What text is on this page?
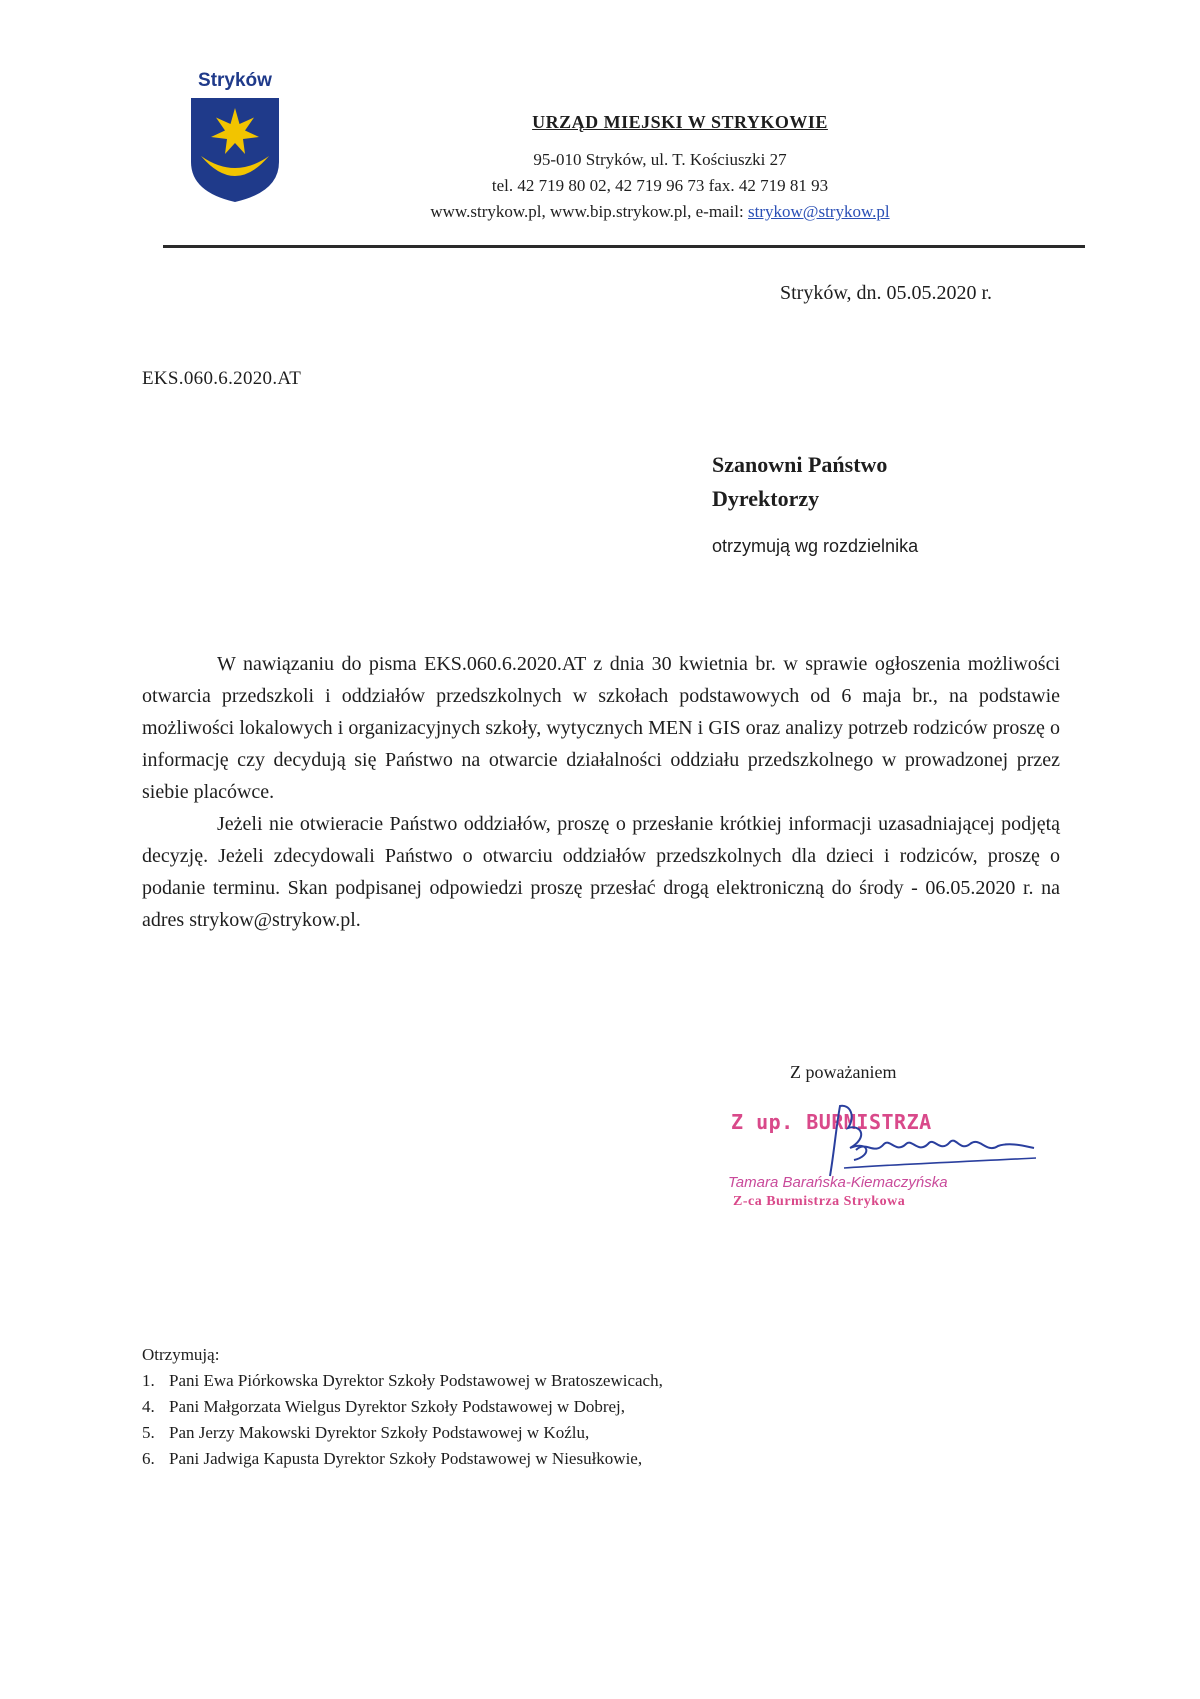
Stryków
URZĄD MIEJSKI W STRYKOWIE
95-010 Stryków, ul. T. Kościuszki 27
tel. 42 719 80 02, 42 719 96 73 fax. 42 719 81 93
www.strykow.pl, www.bip.strykow.pl, e-mail: strykow@strykow.pl
Stryków, dn. 05.05.2020 r.
EKS.060.6.2020.AT
Szanowni Państwo
Dyrektorzy
otrzymują wg rozdzielnika

W nawiązaniu do pisma EKS.060.6.2020.AT z dnia 30 kwietnia br. w sprawie ogłoszenia możliwości otwarcia przedszkoli i oddziałów przedszkolnych w szkołach podstawowych od 6 maja br., na podstawie możliwości lokalowych i organizacyjnych szkoły, wytycznych MEN i GIS oraz analizy potrzeb rodziców proszę o informację czy decydują się Państwo na otwarcie działalności oddziału przedszkolnego w prowadzonej przez siebie placówce.

Jeżeli nie otwieracie Państwo oddziałów, proszę o przesłanie krótkiej informacji uzasadniającej podjętą decyzję. Jeżeli zdecydowali Państwo o otwarciu oddziałów przedszkolnych dla dzieci i rodziców, proszę o podanie terminu. Skan podpisanej odpowiedzi proszę przesłać drogą elektroniczną do środy - 06.05.2020 r. na adres strykow@strykow.pl.

Z poważaniem
Z up. BURMISTRZA
Tamara Barańska-Kiemaczyńska
Z-ca Burmistrza Strykowa
Otrzymują:
1. Pani Ewa Piórkowska Dyrektor Szkoły Podstawowej w Bratoszewicach,
4. Pani Małgorzata Wielgus Dyrektor Szkoły Podstawowej w Dobrej,
5. Pan Jerzy Makowski Dyrektor Szkoły Podstawowej w Koźlu,
6. Pani Jadwiga Kapusta Dyrektor Szkoły Podstawowej w Niesułkowie,
